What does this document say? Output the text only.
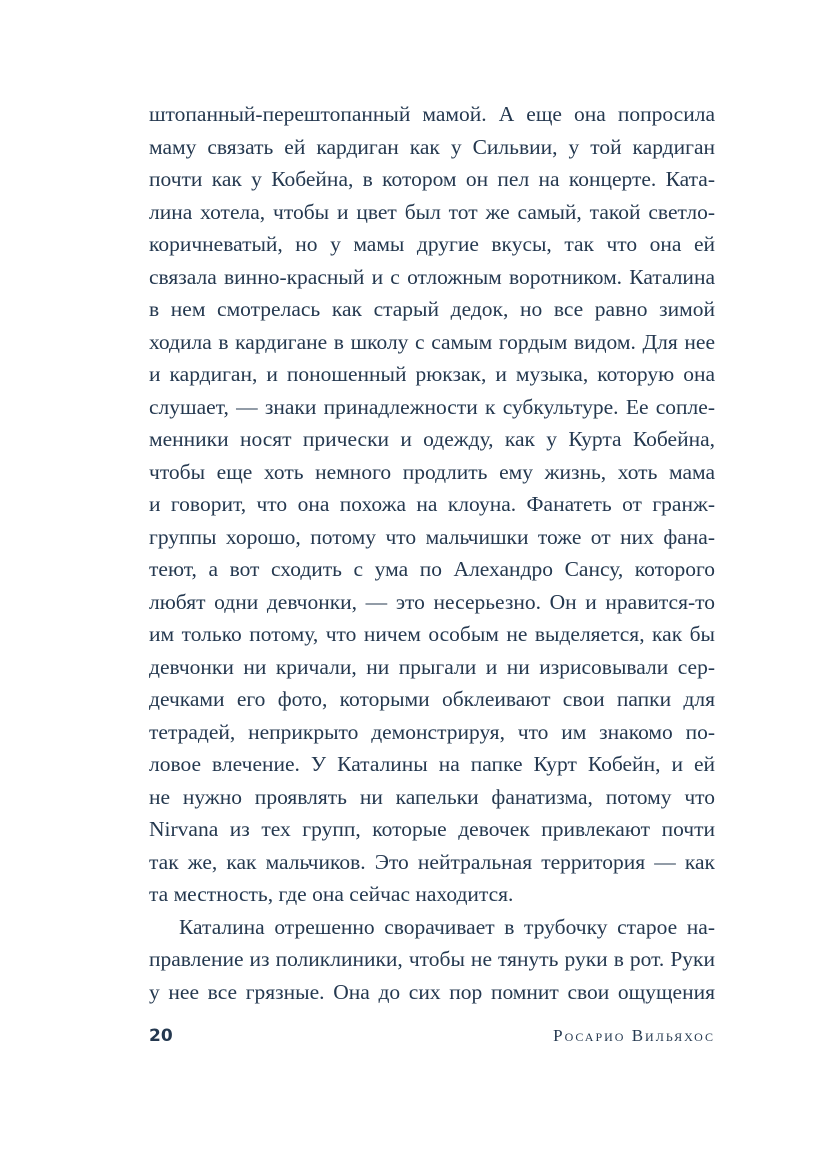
штопанный-перештопанный мамой. А еще она попросила
маму связать ей кардиган как у Сильвии, у той кардиган
почти как у Кобейна, в котором он пел на концерте. Ката-
лина хотела, чтобы и цвет был тот же самый, такой светло-
коричневатый, но у мамы другие вкусы, так что она ей
связала винно-красный и с отложным воротником. Каталина
в нем смотрелась как старый дедок, но все равно зимой
ходила в кардигане в школу с самым гордым видом. Для нее
и кардиган, и поношенный рюкзак, и музыка, которую она
слушает, — знаки принадлежности к субкультуре. Ее сопле-
менники носят прически и одежду, как у Курта Кобейна,
чтобы еще хоть немного продлить ему жизнь, хоть мама
и говорит, что она похожа на клоуна. Фанатеть от гранж-
группы хорошо, потому что мальчишки тоже от них фана-
теют, а вот сходить с ума по Алехандро Сансу, которого
любят одни девчонки, — это несерьезно. Он и нравится-то
им только потому, что ничем особым не выделяется, как бы
девчонки ни кричали, ни прыгали и ни изрисовывали сер-
дечками его фото, которыми обклеивают свои папки для
тетрадей, неприкрыто демонстрируя, что им знакомо по-
ловое влечение. У Каталины на папке Курт Кобейн, и ей
не нужно проявлять ни капельки фанатизма, потому что
Nirvana из тех групп, которые девочек привлекают почти
так же, как мальчиков. Это нейтральная территория — как
та местность, где она сейчас находится.
Каталина отрешенно сворачивает в трубочку старое на-
правление из поликлиники, чтобы не тянуть руки в рот. Руки
у нее все грязные. Она до сих пор помнит свои ощущения
20	Росарио Вильяхос
